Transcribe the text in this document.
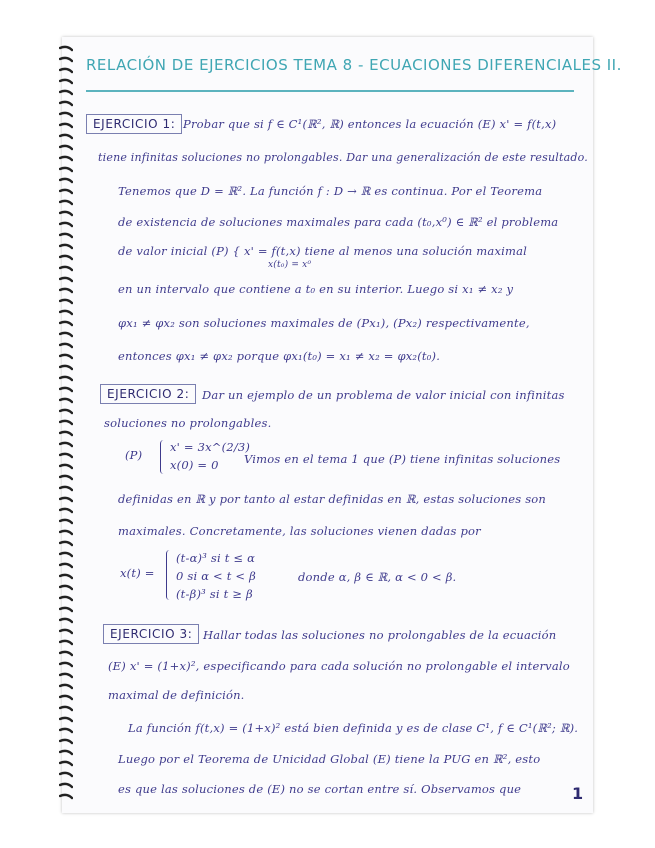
RELACIÓN DE EJERCICIOS TEMA 8 - ECUACIONES DIFERENCIALES II.
EJERCICIO 1: Probar que si f ∈ C¹(ℝ², ℝ) entonces la ecuación (E) x' = f(t,x)
tiene infinitas soluciones no prolongables. Dar una generalización de este resultado.
Tenemos que D = ℝ². La función f : D → ℝ es continua. Por el Teorema
de existencia de soluciones maximales para cada (t₀,x⁰) ∈ ℝ² el problema
de valor inicial (P) { x' = f(t,x) tiene al menos una solución maximal
x(t₀) = x⁰
en un intervalo que contiene a t₀ en su interior. Luego si x₁ ≠ x₂ y
φx₁ ≠ φx₂ son soluciones maximales de (Px₁), (Px₂) respectivamente,
entonces φx₁ ≠ φx₂ porque φx₁(t₀) = x₁ ≠ x₂ = φx₂(t₀).
EJERCICIO 2:	Dar un ejemplo de un problema de valor inicial con infinitas
soluciones no prolongables.
(P)
x' = 3x^(2/3)
x(0) = 0 Vimos en el tema 1 que (P) tiene infinitas soluciones
definidas en ℝ y por tanto al estar definidas en ℝ, estas soluciones son
maximales. Concretamente, las soluciones vienen dadas por
x(t) =
(t-α)³ si t ≤ α
0 si α < t < β
(t-β)³ si t ≥ β
donde α, β ∈ ℝ, α < 0 < β.
EJERCICIO 3: Hallar todas las soluciones no prolongables de la ecuación
(E) x' = (1+x)², especificando para cada solución no prolongable el intervalo
maximal de definición.
La función f(t,x) = (1+x)² está bien definida y es de clase C¹, f ∈ C¹(ℝ²; ℝ).
Luego por el Teorema de Unicidad Global (E) tiene la PUG en ℝ², esto
es que las soluciones de (E) no se cortan entre sí. Observamos que	1
